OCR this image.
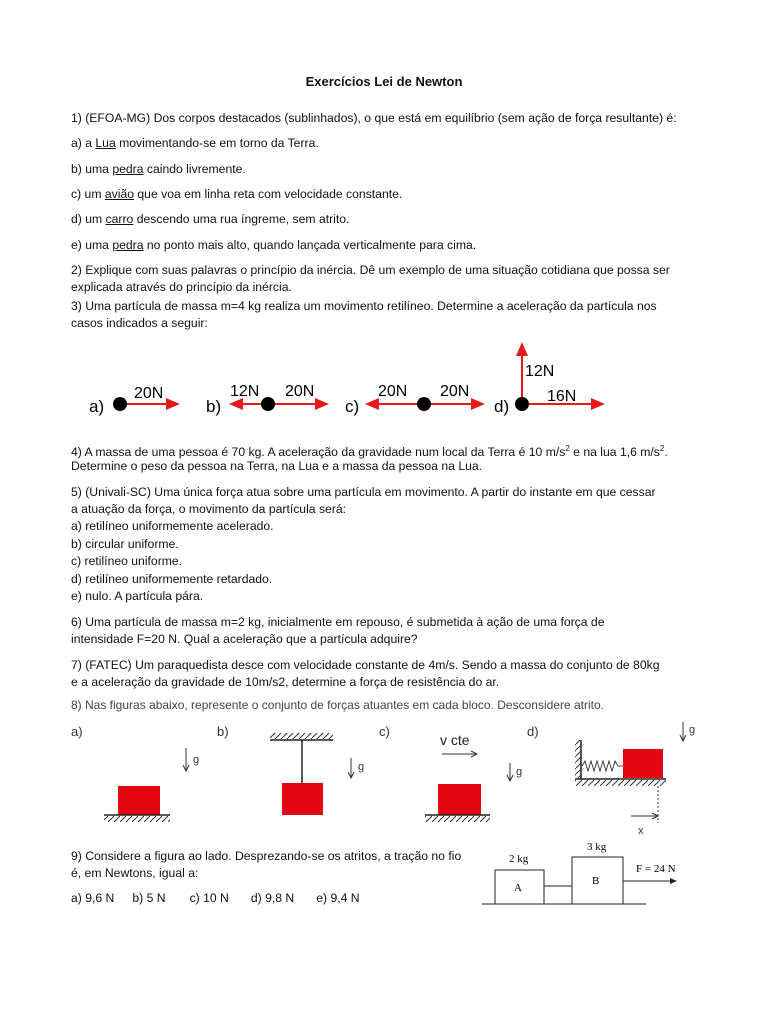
Exercícios Lei de Newton
1) (EFOA-MG) Dos corpos destacados (sublinhados), o que está em equilíbrio (sem ação de força resultante) é:
a) a Lua movimentando-se em torno da Terra.
b) uma pedra caindo livremente.
c) um avião que voa em linha reta com velocidade constante.
d) um carro descendo uma rua íngreme, sem atrito.
e) uma pedra no ponto mais alto, quando lançada verticalmente para cima.
2) Explique com suas palavras o princípio da inércia. Dê um exemplo de uma situação cotidiana que possa ser
explicada através do princípio da inércia.
3) Uma partícula de massa m=4 kg realiza um movimento retilíneo. Determine a aceleração da partícula nos
casos indicados a seguir:
a)
20N
b)
12N 20N
c)
20N 20N
d)
12N
16N
4) A massa de uma pessoa é 70 kg. A aceleração da gravidade num local da Terra é 10 $m/s^2$ e na lua 1,6 $m/s^2$.
Determine o peso da pessoa na Terra, na Lua e a massa da pessoa na Lua.
5) (Univali-SC) Uma única força atua sobre uma partícula em movimento. A partir do instante em que cessar
a atuação da força, o movimento da partícula será:
a) retilíneo uniformemente acelerado.
b) circular uniforme.
c) retilíneo uniforme.
d) retilíneo uniformemente retardado.
e) nulo. A partícula pára.
6) Uma partícula de massa m=2 kg, inicialmente em repouso, é submetida à ação de uma força de
intensidade F=20 N. Qual a aceleração que a partícula adquire?
7) (FATEC) Um paraquedista desce com velocidade constante de 4m/s. Sendo a massa do conjunto de 80kg
e a aceleração da gravidade de 10m/s2, determine a força de resistência do ar.
8) Nas figuras abaixo, represente o conjunto de forças atuantes em cada bloco. Desconsidere atrito.
a)
g
b)
g
c)
v cte
g
d)
x
g
9) Considere a figura ao lado. Desprezando-se os atritos, a tração no fio
é, em Newtons, igual a:
a) 9,6 N b) 5 N c) 10 N d) 9,8 N e) 9,4 N
2 kg
3 kg
A
B
F = 24 N
